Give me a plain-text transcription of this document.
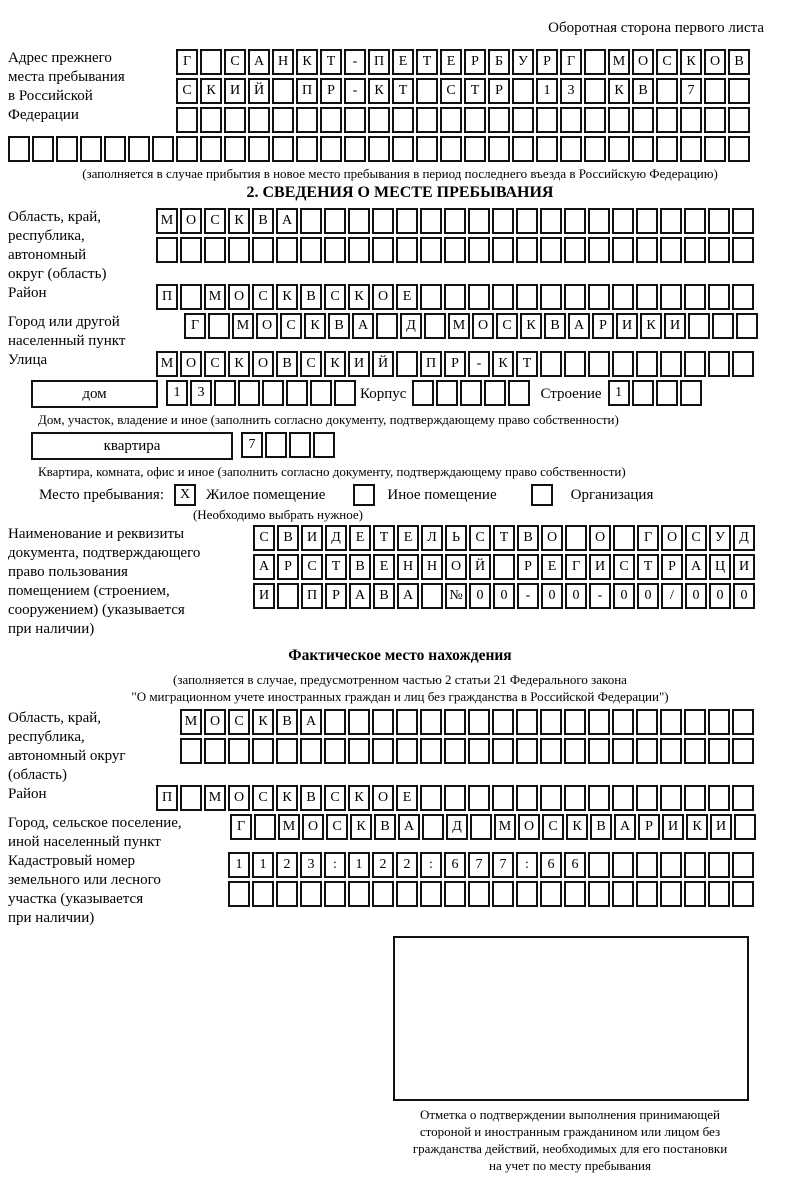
Оборотная сторона первого листа
Адрес прежнего
места пребывания
в Российской
Федерации
Г	С	А Н	К	Т	-	П	Е	Т	Е	Р	Б	У	Р	Г	М О	С	К	О	В
С	К	И Й	П	Р	-	К	Т	С	Т	Р	1	3	К	В	7
(заполняется в случае прибытия в новое место пребывания в период последнего въезда в Российскую Федерацию)
2. СВЕДЕНИЯ О МЕСТЕ ПРЕБЫВАНИЯ
Область, край,
республика,
автономный
округ (область)
М О	С	К	В	А
Район	П	М О	С	К	В	С	К	О	Е
Город или другой
населенный пункт
Г	М О	С	К	В	А	Д	М О	С	К	В	А	Р	И	К	И
Улица	М О	С	К	О	В	С	К	И Й	П	Р	-	К	Т
дом	1	3	Корпус	Строение 1
Дом, участок, владение и иное (заполнить согласно документу, подтверждающему право собственности)
квартира	7
Квартира, комната, офис и иное (заполнить согласно документу, подтверждающему право собственности)
Место пребывания:	X	Жилое помещение	Иное помещение	Организация
(Необходимо выбрать нужное)
Наименование и реквизиты
документа, подтверждающего
право пользования
помещением (строением,
сооружением) (указывается
при наличии)
С	В	И	Д	Е	Т	Е	Л	Ь	С	Т	В	О	О	Г	О	С	У	Д
А	Р	С	Т	В	Е	Н Н О Й	Р	Е	Г	И	С	Т	Р	А Ц И
И	П	Р	А	В	А	№ 0	0	-	0	0	-	0	0	/	0	0	0
Фактическое место нахождения
(заполняется в случае, предусмотренном частью 2 статьи 21 Федерального закона
"О миграционном учете иностранных граждан и лиц без гражданства в Российской Федерации")
Область, край,
республика,
автономный округ
(область)
М О	С	К	В	А
Район	П	М О	С	К	В	С	К	О	Е
Город, сельское поселение,
иной населенный пункт
Г	М О	С	К	В	А	Д	М О	С	К	В	А	Р	И	К	И
Кадастровый номер
земельного или лесного
участка (указывается
при наличии)
1	1	2	3	:	1	2	2	:	6	7	7	:	6	6
Отметка о подтверждении выполнения принимающей
стороной и иностранным гражданином или лицом без
гражданства действий, необходимых для его постановки
на учет по месту пребывания
